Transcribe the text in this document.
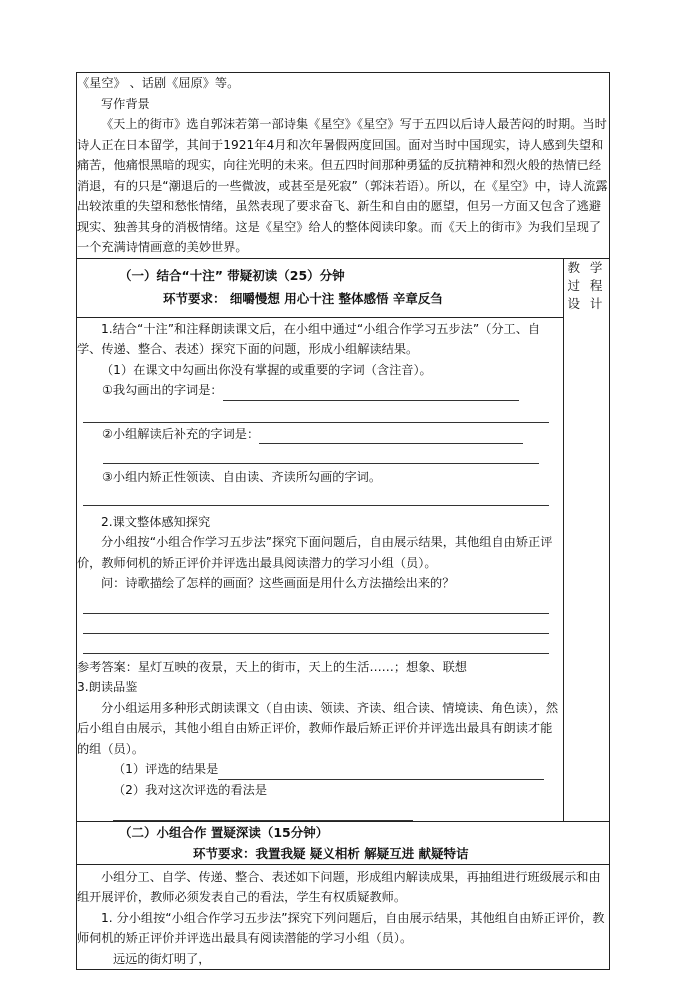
《星空》 、话剧《屈原》等。

写作背景

《天上的街市》选自郭沫若第一部诗集《星空》《星空》写于五四以后诗人最苦闷的时期。当时诗人正在日本留学，其间于1921年4月和次年暑假两度回国。面对当时中国现实，诗人感到失望和痛苦，他痛恨黑暗的现实，向往光明的未来。但五四时间那种勇猛的反抗精神和烈火般的热情已经消退，有的只是“潮退后的一些微波，或甚至是死寂”（郭沫若语）。所以，在《星空》中，诗人流露出较浓重的失望和愁怅情绪，虽然表现了要求奋飞、新生和自由的愿望，但另一方面又包含了逃避现实、独善其身的消极情绪。这是《星空》给人的整体阅读印象。而《天上的街市》为我们呈现了一个充满诗情画意的美妙世界。

（一）结合“十注” 带疑初读（25）分钟
环节要求： 细嚼慢想 用心十注 整体感悟 辛章反刍

教 学 过 程 设 计

1.结合“十注”和注释朗读课文后，在小组中通过“小组合作学习五步法”（分工、自学、传递、整合、表述）探究下面的问题，形成小组解读结果。

（1）在课文中勾画出你没有掌握的或重要的字词（含注音）。

①我勾画出的字词是：

②小组解读后补充的字词是：

③小组内矫正性领读、自由读、齐读所勾画的字词。

2.课文整体感知探究

分小组按“小组合作学习五步法”探究下面问题后，自由展示结果，其他组自由矫正评价，教师伺机的矫正评价并评选出最具阅读潜力的学习小组（员）。

问：诗歌描绘了怎样的画面？这些画面是用什么方法描绘出来的？

参考答案：星灯互映的夜景，天上的街市，天上的生活……；想象、联想

3.朗读品鉴

分小组运用多种形式朗读课文（自由读、领读、齐读、组合读、情境读、角色读），然后小组自由展示，其他小组自由矫正评价，教师作最后矫正评价并评选出最具有朗读才能的组（员）。

（1）评选的结果是

（2）我对这次评选的看法是

（二）小组合作 置疑深读（15分钟）
环节要求：我置我疑 疑义相析 解疑互进 献疑特诘

小组分工、自学、传递、整合、表述如下问题，形成组内解读成果，再抽组进行班级展示和由组开展评价，教师必须发表自己的看法，学生有权质疑教师。

1. 分小组按“小组合作学习五步法”探究下列问题后，自由展示结果，其他组自由矫正评价，教师伺机的矫正评价并评选出最具有阅读潜能的学习小组（员）。

远远的街灯明了，
